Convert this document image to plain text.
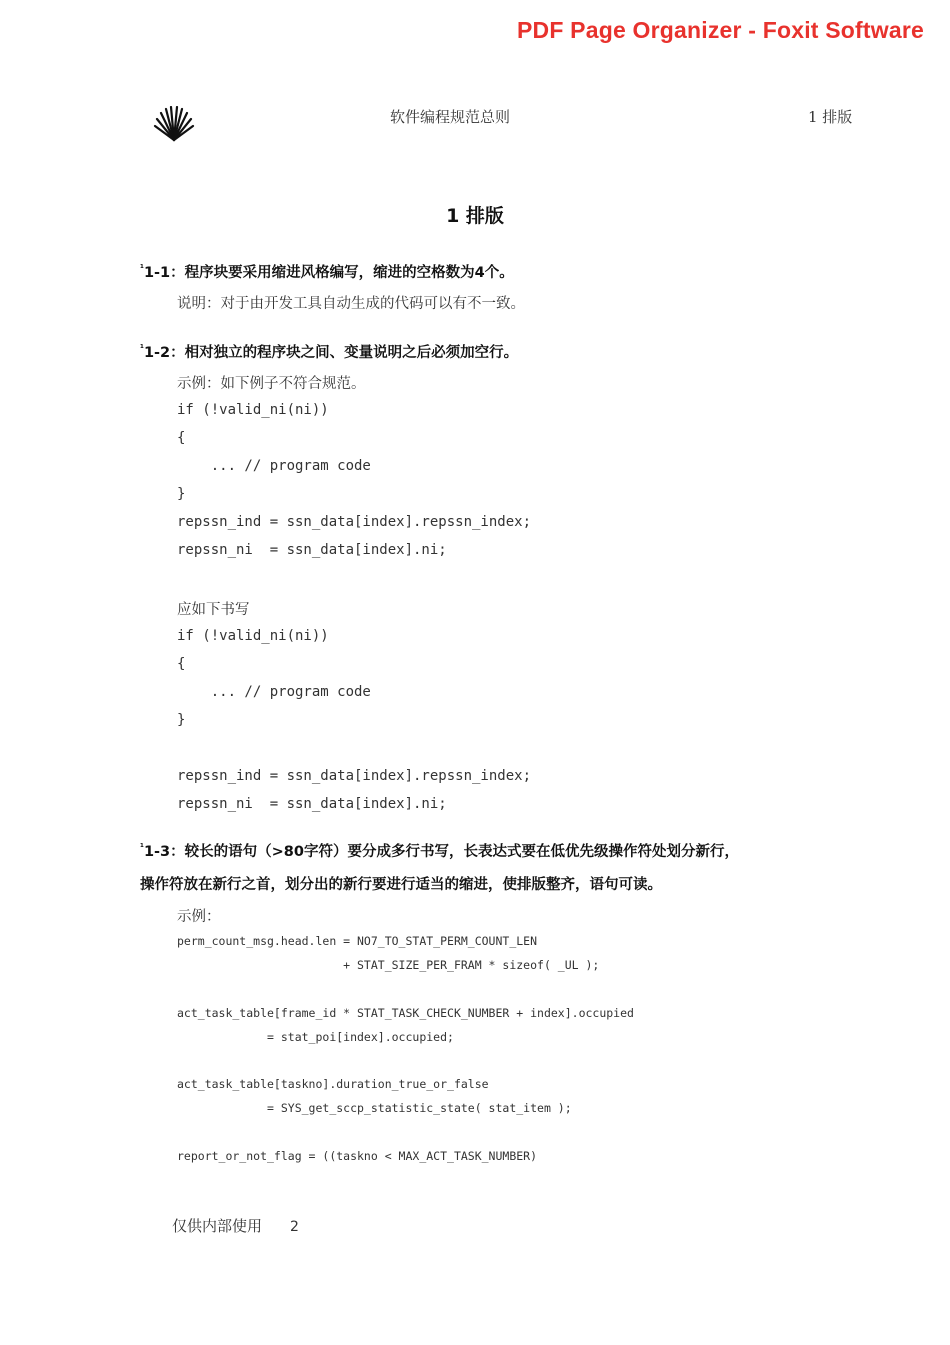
PDF Page Organizer - Foxit Software
软件编程规范总则	1 排版
1 排版
$^{^1}$1-1：程序块要采用缩进风格编写，缩进的空格数为4个。
说明：对于由开发工具自动生成的代码可以有不一致。
$^{^1}$1-2：相对独立的程序块之间、变量说明之后必须加空行。
示例：如下例子不符合规范。
if (!valid_ni(ni))
{
... // program code
}
repssn_ind = ssn_data[index].repssn_index;
repssn_ni  = ssn_data[index].ni;
应如下书写
if (!valid_ni(ni))
{
... // program code
}
repssn_ind = ssn_data[index].repssn_index;
repssn_ni  = ssn_data[index].ni;
$^{^1}$1-3：较长的语句（>80字符）要分成多行书写，长表达式要在低优先级操作符处划分新行，
操作符放在新行之首，划分出的新行要进行适当的缩进，使排版整齐，语句可读。
示例：
perm_count_msg.head.len = NO7_TO_STAT_PERM_COUNT_LEN
+ STAT_SIZE_PER_FRAM * sizeof( _UL );
act_task_table[frame_id * STAT_TASK_CHECK_NUMBER + index].occupied
= stat_poi[index].occupied;
act_task_table[taskno].duration_true_or_false
= SYS_get_sccp_statistic_state( stat_item );
report_or_not_flag = ((taskno < MAX_ACT_TASK_NUMBER)
仅供内部使用 2
